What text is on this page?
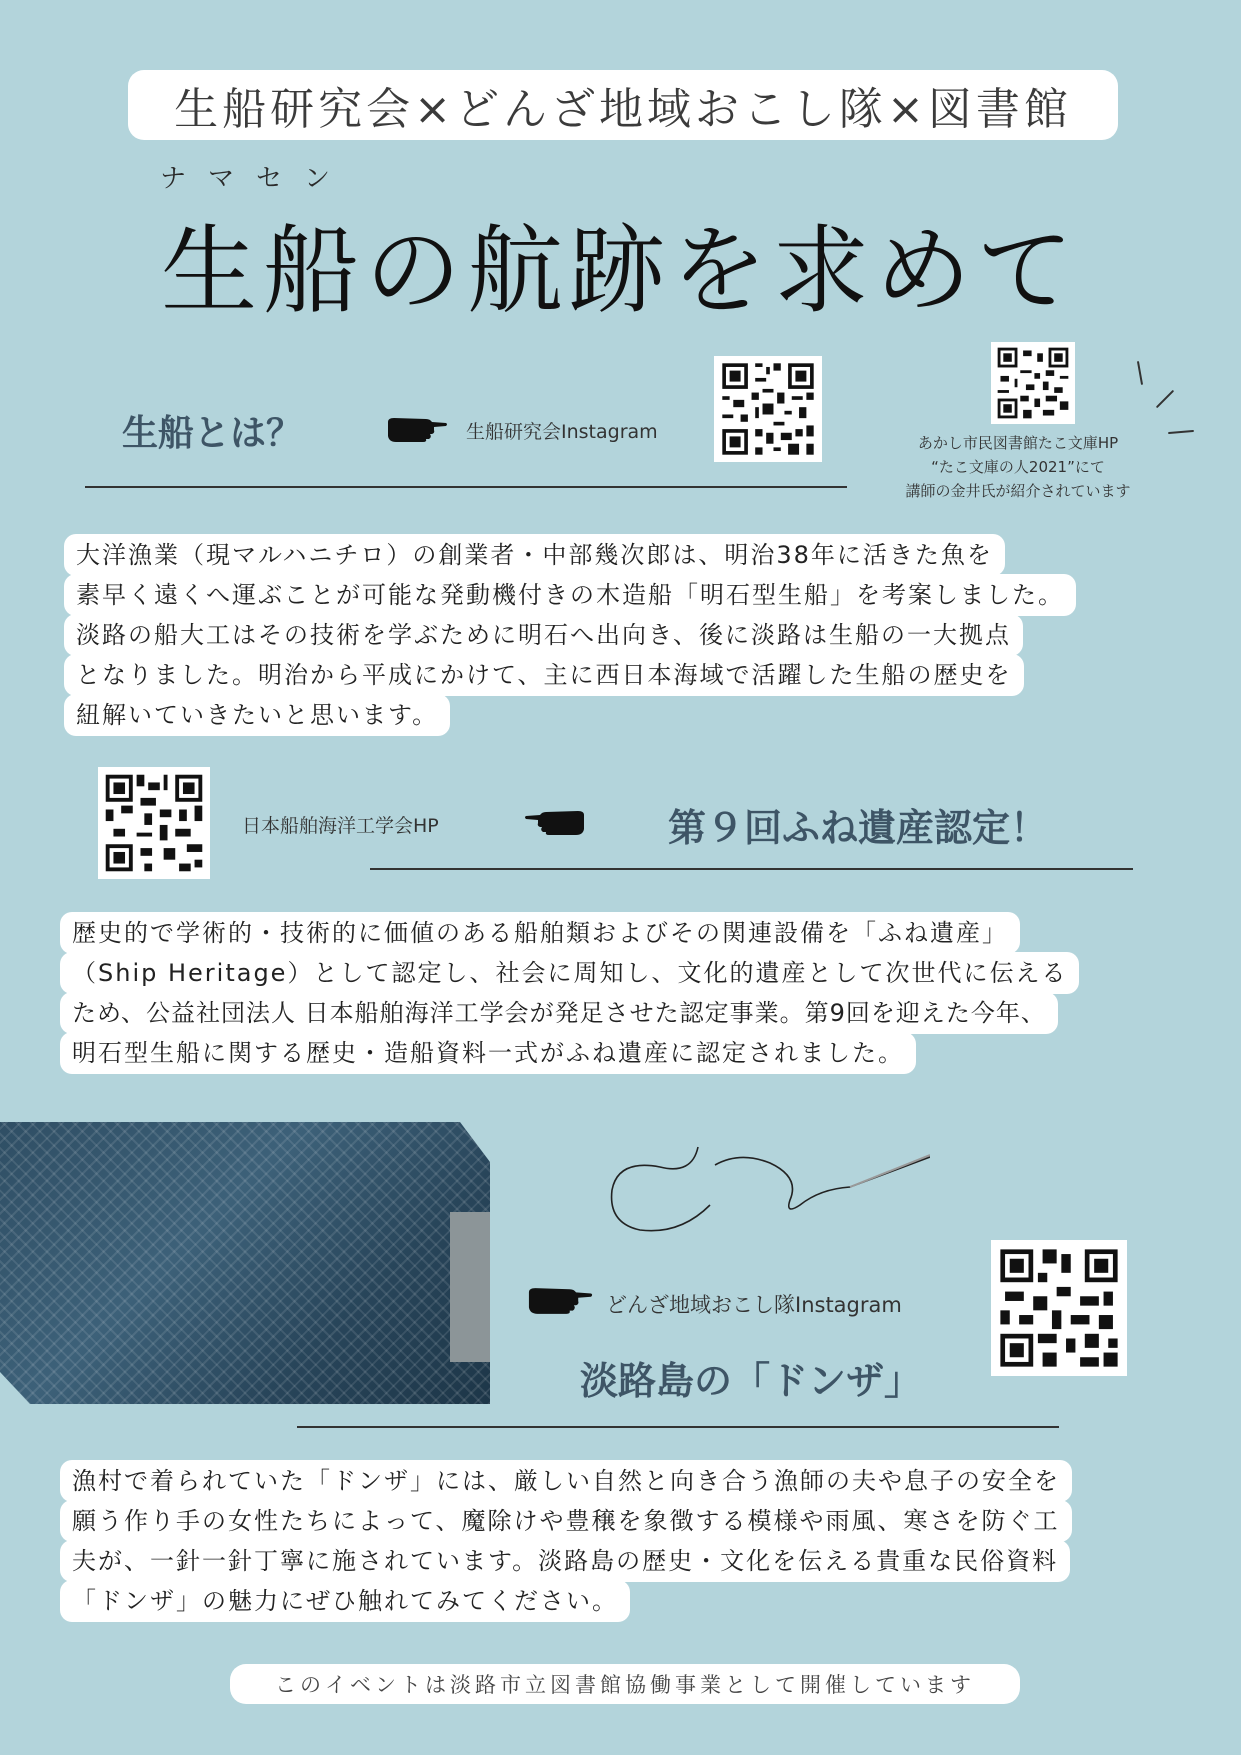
生船研究会×どんざ地域おこし隊×図書館
ナマセン
生船の航跡を求めて
生船とは？	生船研究会Instagram	あかし市民図書館たこ文庫HP
“たこ文庫の人2021”にて
講師の金井氏が紹介されています
大洋漁業（現マルハニチロ）の創業者・中部幾次郎は、明治38年に活きた魚を
素早く遠くへ運ぶことが可能な発動機付きの木造船「明石型生船」を考案しました。
淡路の船大工はその技術を学ぶために明石へ出向き、後に淡路は生船の一大拠点
となりました。明治から平成にかけて、主に西日本海域で活躍した生船の歴史を
紐解いていきたいと思います。
日本船舶海洋工学会HP	第９回ふね遺産認定！
歴史的で学術的・技術的に価値のある船舶類およびその関連設備を「ふね遺産」
（Ship Heritage）として認定し、社会に周知し、文化的遺産として次世代に伝える
ため、公益社団法人 日本船舶海洋工学会が発足させた認定事業。第9回を迎えた今年、
明石型生船に関する歴史・造船資料一式がふね遺産に認定されました。
どんざ地域おこし隊Instagram
淡路島の「ドンザ」
漁村で着られていた「ドンザ」には、厳しい自然と向き合う漁師の夫や息子の安全を
願う作り手の女性たちによって、魔除けや豊穣を象徴する模様や雨風、寒さを防ぐ工
夫が、一針一針丁寧に施されています。淡路島の歴史・文化を伝える貴重な民俗資料
「ドンザ」の魅力にぜひ触れてみてください。
このイベントは淡路市立図書館協働事業として開催しています
